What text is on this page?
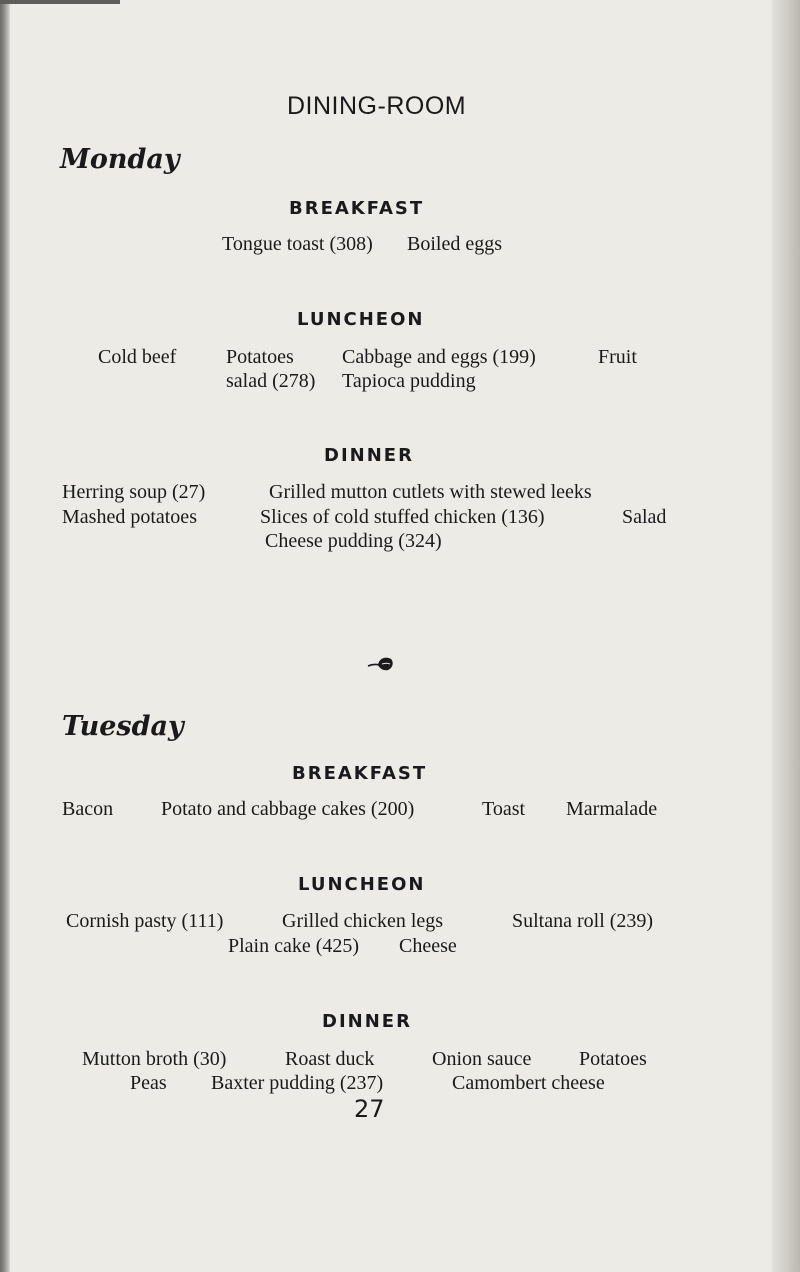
DINING-ROOM
Monday
BREAKFAST
Tongue toast (308) Boiled eggs
LUNCHEON
Cold beef Potatoes Cabbage and eggs (199)	Fruit
salad (278) Tapioca pudding
DINNER
Herring soup (27)	Grilled mutton cutlets with stewed leeks
Mashed potatoes	Slices of cold stuffed chicken (136)	Salad
Cheese pudding (324)
Tuesday
BREAKFAST
Bacon Potato and cabbage cakes (200)	Toast Marmalade
LUNCHEON
Cornish pasty (111)	Grilled chicken legs	Sultana roll (239)
Plain cake (425) Cheese
DINNER
Mutton broth (30)	Roast duck	Onion sauce Potatoes
Peas Baxter pudding (237)	Camombert cheese
27
